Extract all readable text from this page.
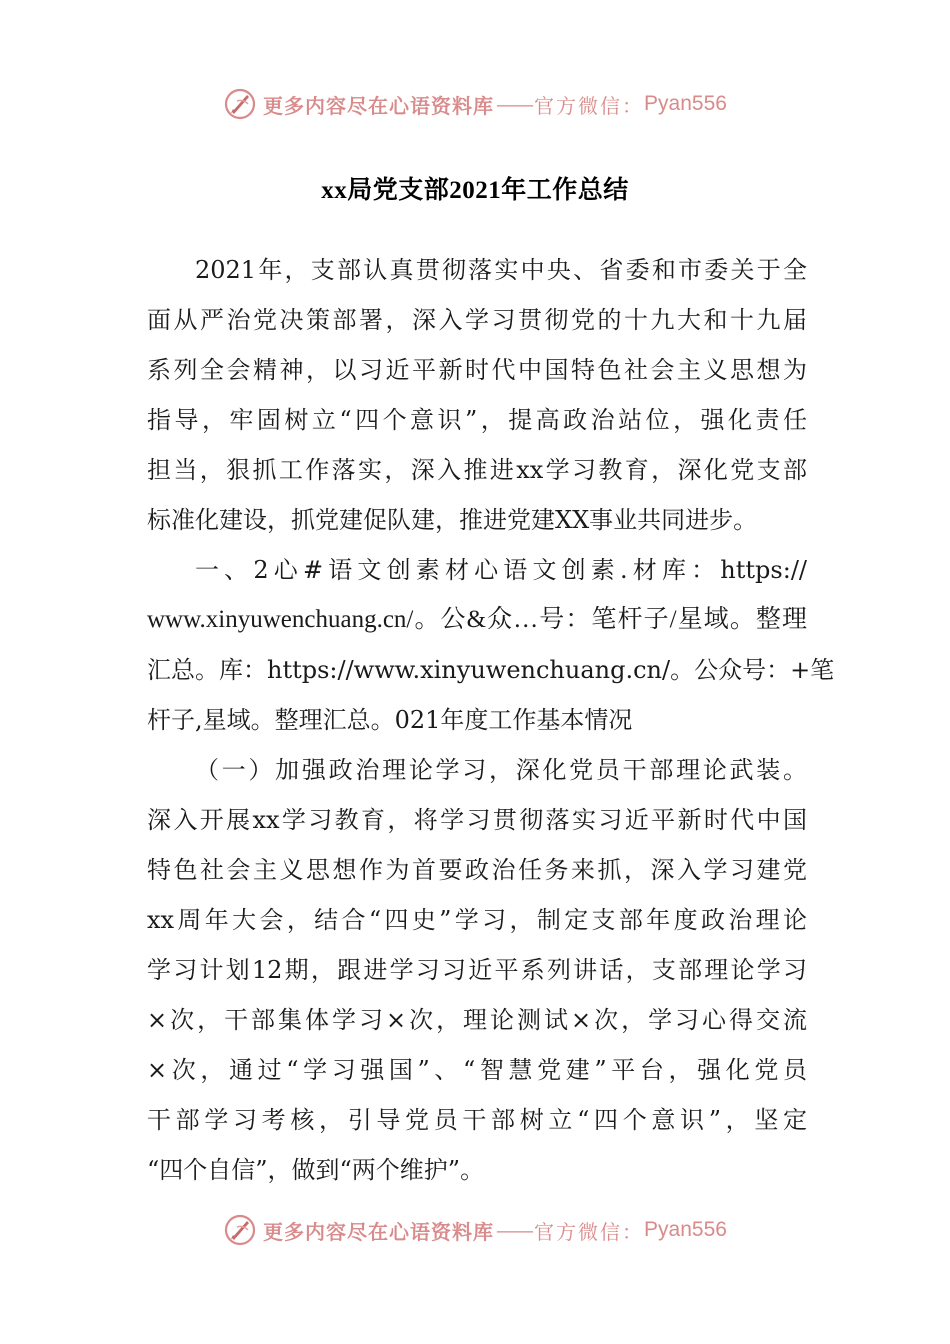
更多内容尽在心语资料库 —— 官方微信： Pyan556
xx局党支部2021年工作总结
2021年，支部认真贯彻落实中央、省委和市委关于全
面从严治党决策部署，深入学习贯彻党的十九大和十九届
系列全会精神，以习近平新时代中国特色社会主义思想为
指导，牢固树立“四个意识”，提高政治站位，强化责任
担当，狠抓工作落实，深入推进xx学习教育，深化党支部
标准化建设，抓党建促队建，推进党建XX事业共同进步。
一、2心#语文创素材心语文创素.材库：https://
www.xinyuwenchuang.cn/。公&众…号：笔杆子/星域。整理
汇总。库：https://www.xinyuwenchuang.cn/。公众号：+笔
杆子,星域。整理汇总。021年度工作基本情况
（一）加强政治理论学习，深化党员干部理论武装。
深入开展xx学习教育，将学习贯彻落实习近平新时代中国
特色社会主义思想作为首要政治任务来抓，深入学习建党
xx周年大会，结合“四史”学习，制定支部年度政治理论
学习计划12期，跟进学习习近平系列讲话，支部理论学习
×次，干部集体学习×次，理论测试×次，学习心得交流
×次，通过“学习强国”、“智慧党建”平台，强化党员
干部学习考核，引导党员干部树立“四个意识”，坚定
“四个自信”，做到“两个维护”。
更多内容尽在心语资料库 —— 官方微信： Pyan556
